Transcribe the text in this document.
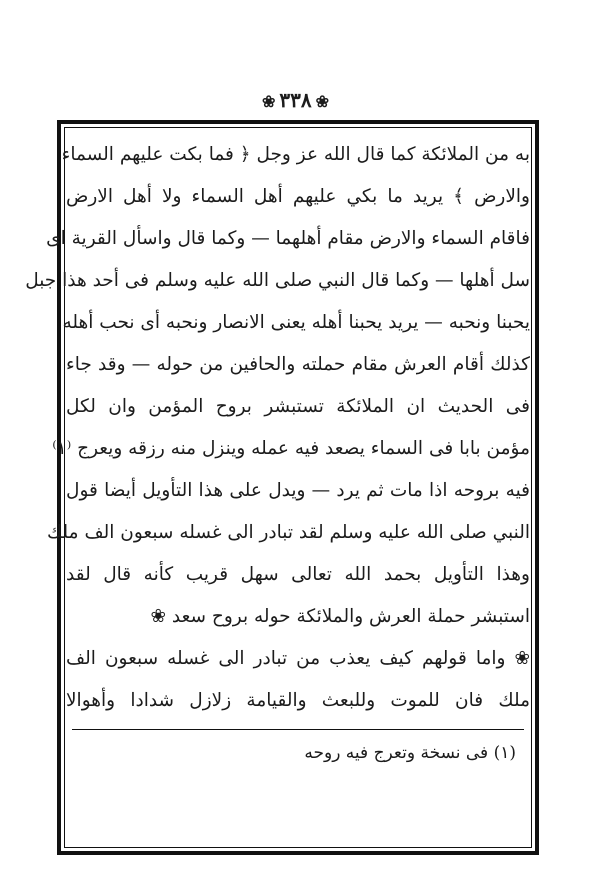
❀٣٣٨❀
به من الملائكة كما قال الله عز وجل ﴿ فما بكت عليهم السماء
والارض ﴾ يريد ما بكي عليهم أهل السماء ولا أهل الارض
فاقام السماء والارض مقام أهلهما — وكما قال واسأل القرية اى
سل أهلها — وكما قال النبي صلى الله عليه وسلم فى أحد هذا جبل
يحبنا ونحبه — يريد يحبنا أهله يعنى الانصار ونحبه أى نحب أهله
كذلك أقام العرش مقام حملته والحافين من حوله — وقد جاء
فى الحديث ان الملائكة تستبشر بروح المؤمن وان لكل
مؤمن بابا فى السماء يصعد فيه عمله وينزل منه رزقه ويعرج ⁽١⁾
فيه بروحه اذا مات ثم يرد — ويدل على هذا التأويل أيضا قول
النبي صلى الله عليه وسلم لقد تبادر الى غسله سبعون الف ملك
وهذا التأويل بحمد الله تعالى سهل قريب كأنه قال لقد
استبشر حملة العرش والملائكة حوله بروح سعد ❀
❀ واما قولهم كيف يعذب من تبادر الى غسله سبعون الف
ملك فان للموت وللبعث والقيامة زلازل شدادا وأهوالا
(١) فى نسخة وتعرج فيه روحه
